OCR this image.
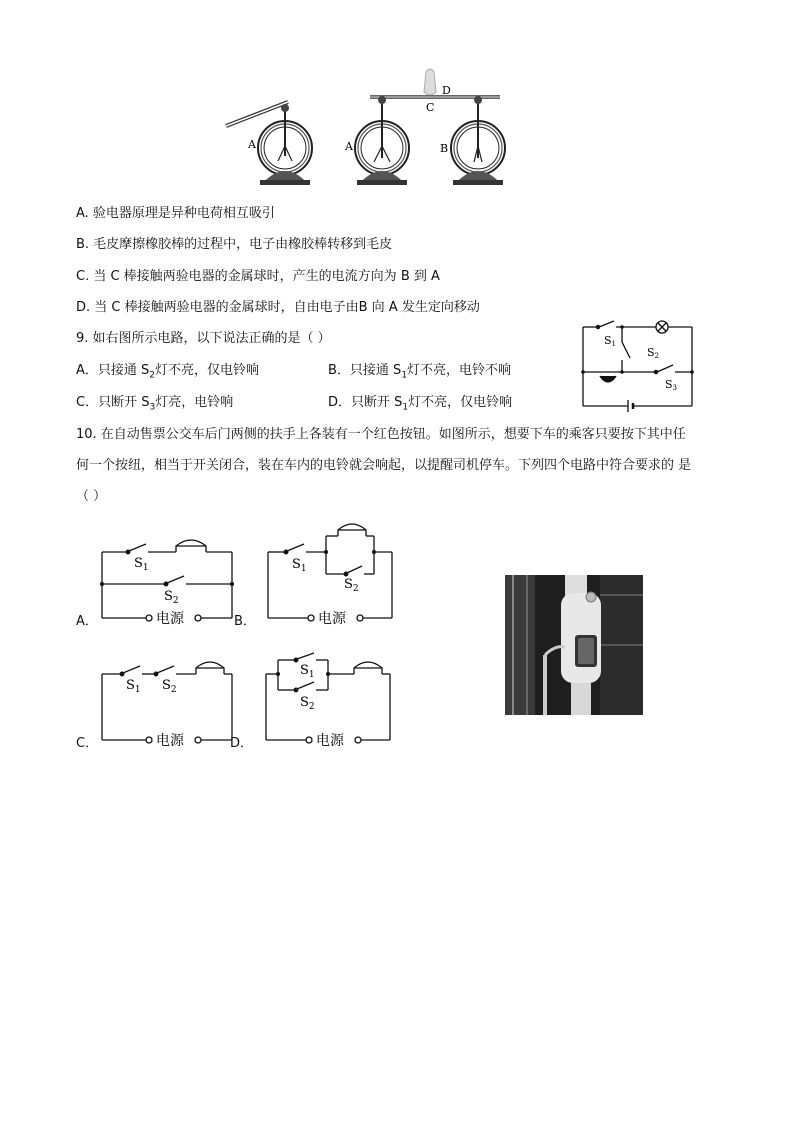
A	A	B
C
D
A. 验电器原理是异种电荷相互吸引
B. 毛皮摩擦橡胶棒的过程中，电子由橡胶棒转移到毛皮
C. 当 C 棒接触两验电器的金属球时，产生的电流方向为 B 到 A
D. 当 C 棒接触两验电器的金属球时，自由电子由B 向 A 发生定向移动
9. 如右图所示电路，以下说法正确的是（ ）
A．只接通 $S_2$灯不亮，仅电铃响	B．只接通 $S_1$灯不亮，电铃不响
C．只断开 $S_3$灯亮，电铃响	D．只断开 $S_1$灯不亮，仅电铃响
S1
S2
S3
10. 在自动售票公交车后门两侧的扶手上各装有一个红色按钮。如图所示，想要下车的乘客只要按下其中任
何一个按纽，相当于开关闭合，装在车内的电铃就会响起，以提醒司机停车。下列四个电路中符合要求的 是
（ ）
A．	B．
C．	D．
$S_1$
$S_2$
电源
$S_1$
$S_2$
电源
$S_1$ $S_2$
电源
$S_1$
$S_2$
电源
